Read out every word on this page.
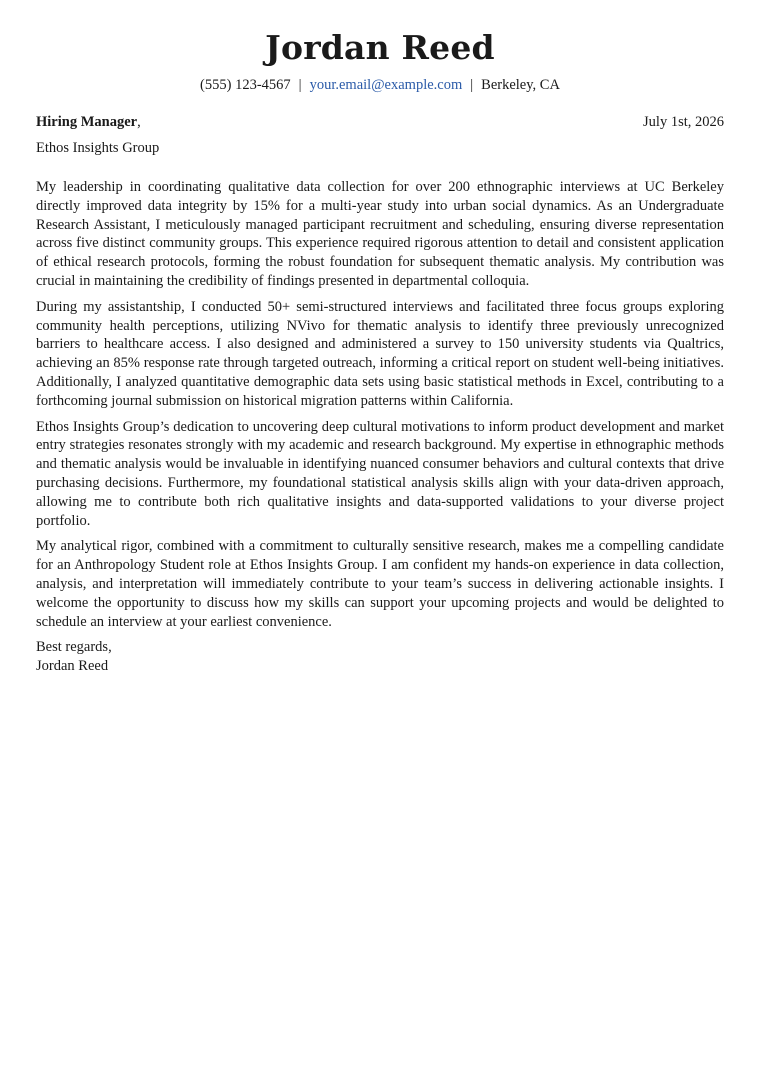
Jordan Reed
(555) 123-4567 | your.email@example.com | Berkeley, CA
Hiring Manager,	July 1st, 2026
Ethos Insights Group

My leadership in coordinating qualitative data collection for over 200 ethnographic interviews at UC Berkeley directly improved data integrity by 15% for a multi-year study into urban social dynamics. As an Undergraduate Research Assistant, I meticulously managed participant recruitment and scheduling, ensuring diverse representation across five distinct community groups. This experience required rigorous attention to detail and consistent application of ethical research protocols, forming the robust foundation for subsequent thematic analysis. My contribution was crucial in maintaining the credibility of findings presented in departmental colloquia.

During my assistantship, I conducted 50+ semi-structured interviews and facilitated three focus groups exploring community health perceptions, utilizing NVivo for thematic analysis to identify three previously unrecognized barriers to healthcare access. I also designed and administered a survey to 150 university students via Qualtrics, achieving an 85% response rate through targeted outreach, informing a critical report on student well-being initiatives. Additionally, I analyzed quantitative demographic data sets using basic statistical methods in Excel, contributing to a forthcoming journal submission on historical migration patterns within California.

Ethos Insights Group’s dedication to uncovering deep cultural motivations to inform product development and market entry strategies resonates strongly with my academic and research background. My expertise in ethnographic methods and thematic analysis would be invaluable in identifying nuanced consumer behaviors and cultural contexts that drive purchasing decisions. Furthermore, my foundational statistical analysis skills align with your data-driven approach, allowing me to contribute both rich qualitative insights and data-supported validations to your diverse project portfolio.

My analytical rigor, combined with a commitment to culturally sensitive research, makes me a compelling candidate for an Anthropology Student role at Ethos Insights Group. I am confident my hands-on experience in data collection, analysis, and interpretation will immediately contribute to your team’s success in delivering actionable insights. I welcome the opportunity to discuss how my skills can support your upcoming projects and would be delighted to schedule an interview at your earliest convenience.

Best regards,
Jordan Reed
